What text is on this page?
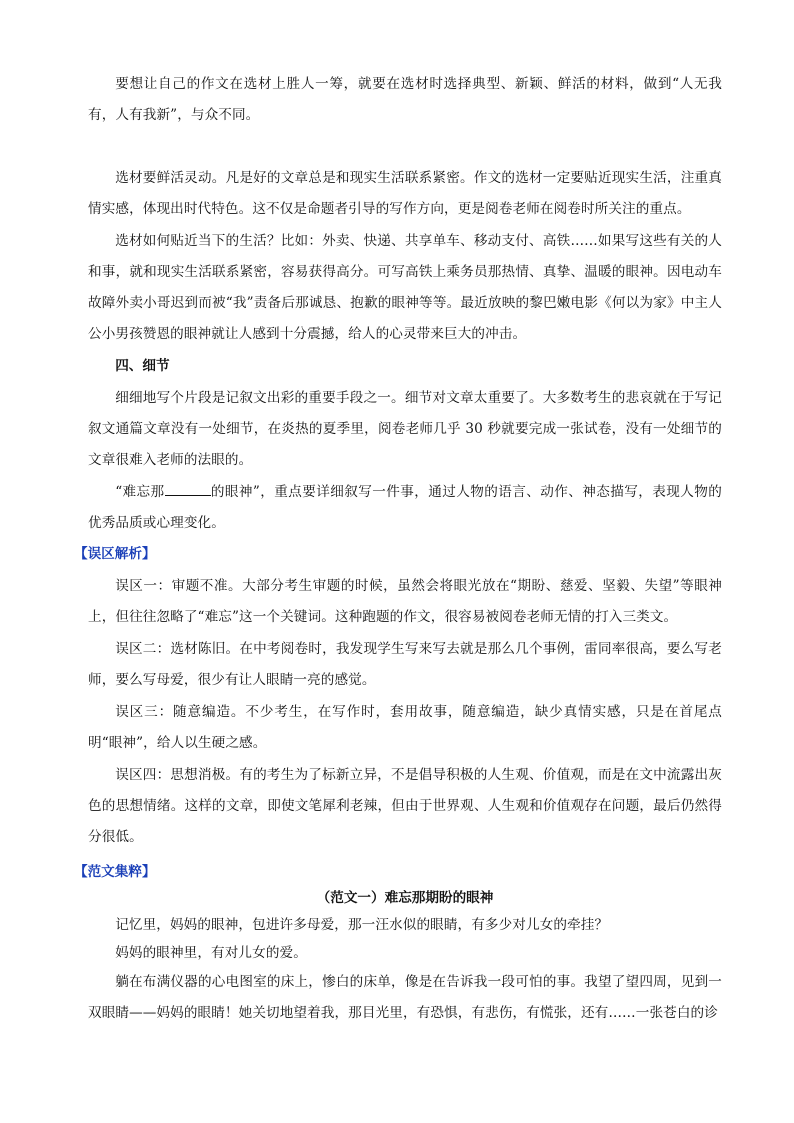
要想让自己的作文在选材上胜人一筹，就要在选材时选择典型、新颖、鲜活的材料，做到“人无我有，人有我新”，与众不同。
选材要鲜活灵动。凡是好的文章总是和现实生活联系紧密。作文的选材一定要贴近现实生活，注重真情实感，体现出时代特色。这不仅是命题者引导的写作方向，更是阅卷老师在阅卷时所关注的重点。
选材如何贴近当下的生活？比如：外卖、快递、共享单车、移动支付、高铁……如果写这些有关的人和事，就和现实生活联系紧密，容易获得高分。可写高铁上乘务员那热情、真挚、温暖的眼神。因电动车故障外卖小哥迟到而被“我”责备后那诚恳、抱歉的眼神等等。最近放映的黎巴嫩电影《何以为家》中主人公小男孩赞恩的眼神就让人感到十分震撼，给人的心灵带来巨大的冲击。
四、细节
细细地写个片段是记叙文出彩的重要手段之一。细节对文章太重要了。大多数考生的悲哀就在于写记叙文通篇文章没有一处细节，在炎热的夏季里，阅卷老师几乎 30 秒就要完成一张试卷，没有一处细节的文章很难入老师的法眼的。
“难忘那	的眼神”，重点要详细叙写一件事，通过人物的语言、动作、神态描写，表现人物的优秀品质或心理变化。
【误区解析】
误区一：审题不准。大部分考生审题的时候，虽然会将眼光放在“期盼、慈爱、坚毅、失望”等眼神上，但往往忽略了“难忘”这一个关键词。这种跑题的作文，很容易被阅卷老师无情的打入三类文。
误区二：选材陈旧。在中考阅卷时，我发现学生写来写去就是那么几个事例，雷同率很高，要么写老师，要么写母爱，很少有让人眼睛一亮的感觉。
误区三：随意编造。不少考生，在写作时，套用故事，随意编造，缺少真情实感，只是在首尾点明“眼神”，给人以生硬之感。
误区四：思想消极。有的考生为了标新立异，不是倡导积极的人生观、价值观，而是在文中流露出灰色的思想情绪。这样的文章，即使文笔犀利老辣，但由于世界观、人生观和价值观存在问题，最后仍然得分很低。
【范文集粹】
（范文一）难忘那期盼的眼神
记忆里，妈妈的眼神，包进许多母爱，那一汪水似的眼睛，有多少对儿女的牵挂？
妈妈的眼神里，有对儿女的爱。
躺在布满仪器的心电图室的床上，惨白的床单，像是在告诉我一段可怕的事。我望了望四周，见到一双眼睛——妈妈的眼睛！她关切地望着我，那目光里，有恐惧，有悲伤，有慌张，还有……一张苍白的诊
